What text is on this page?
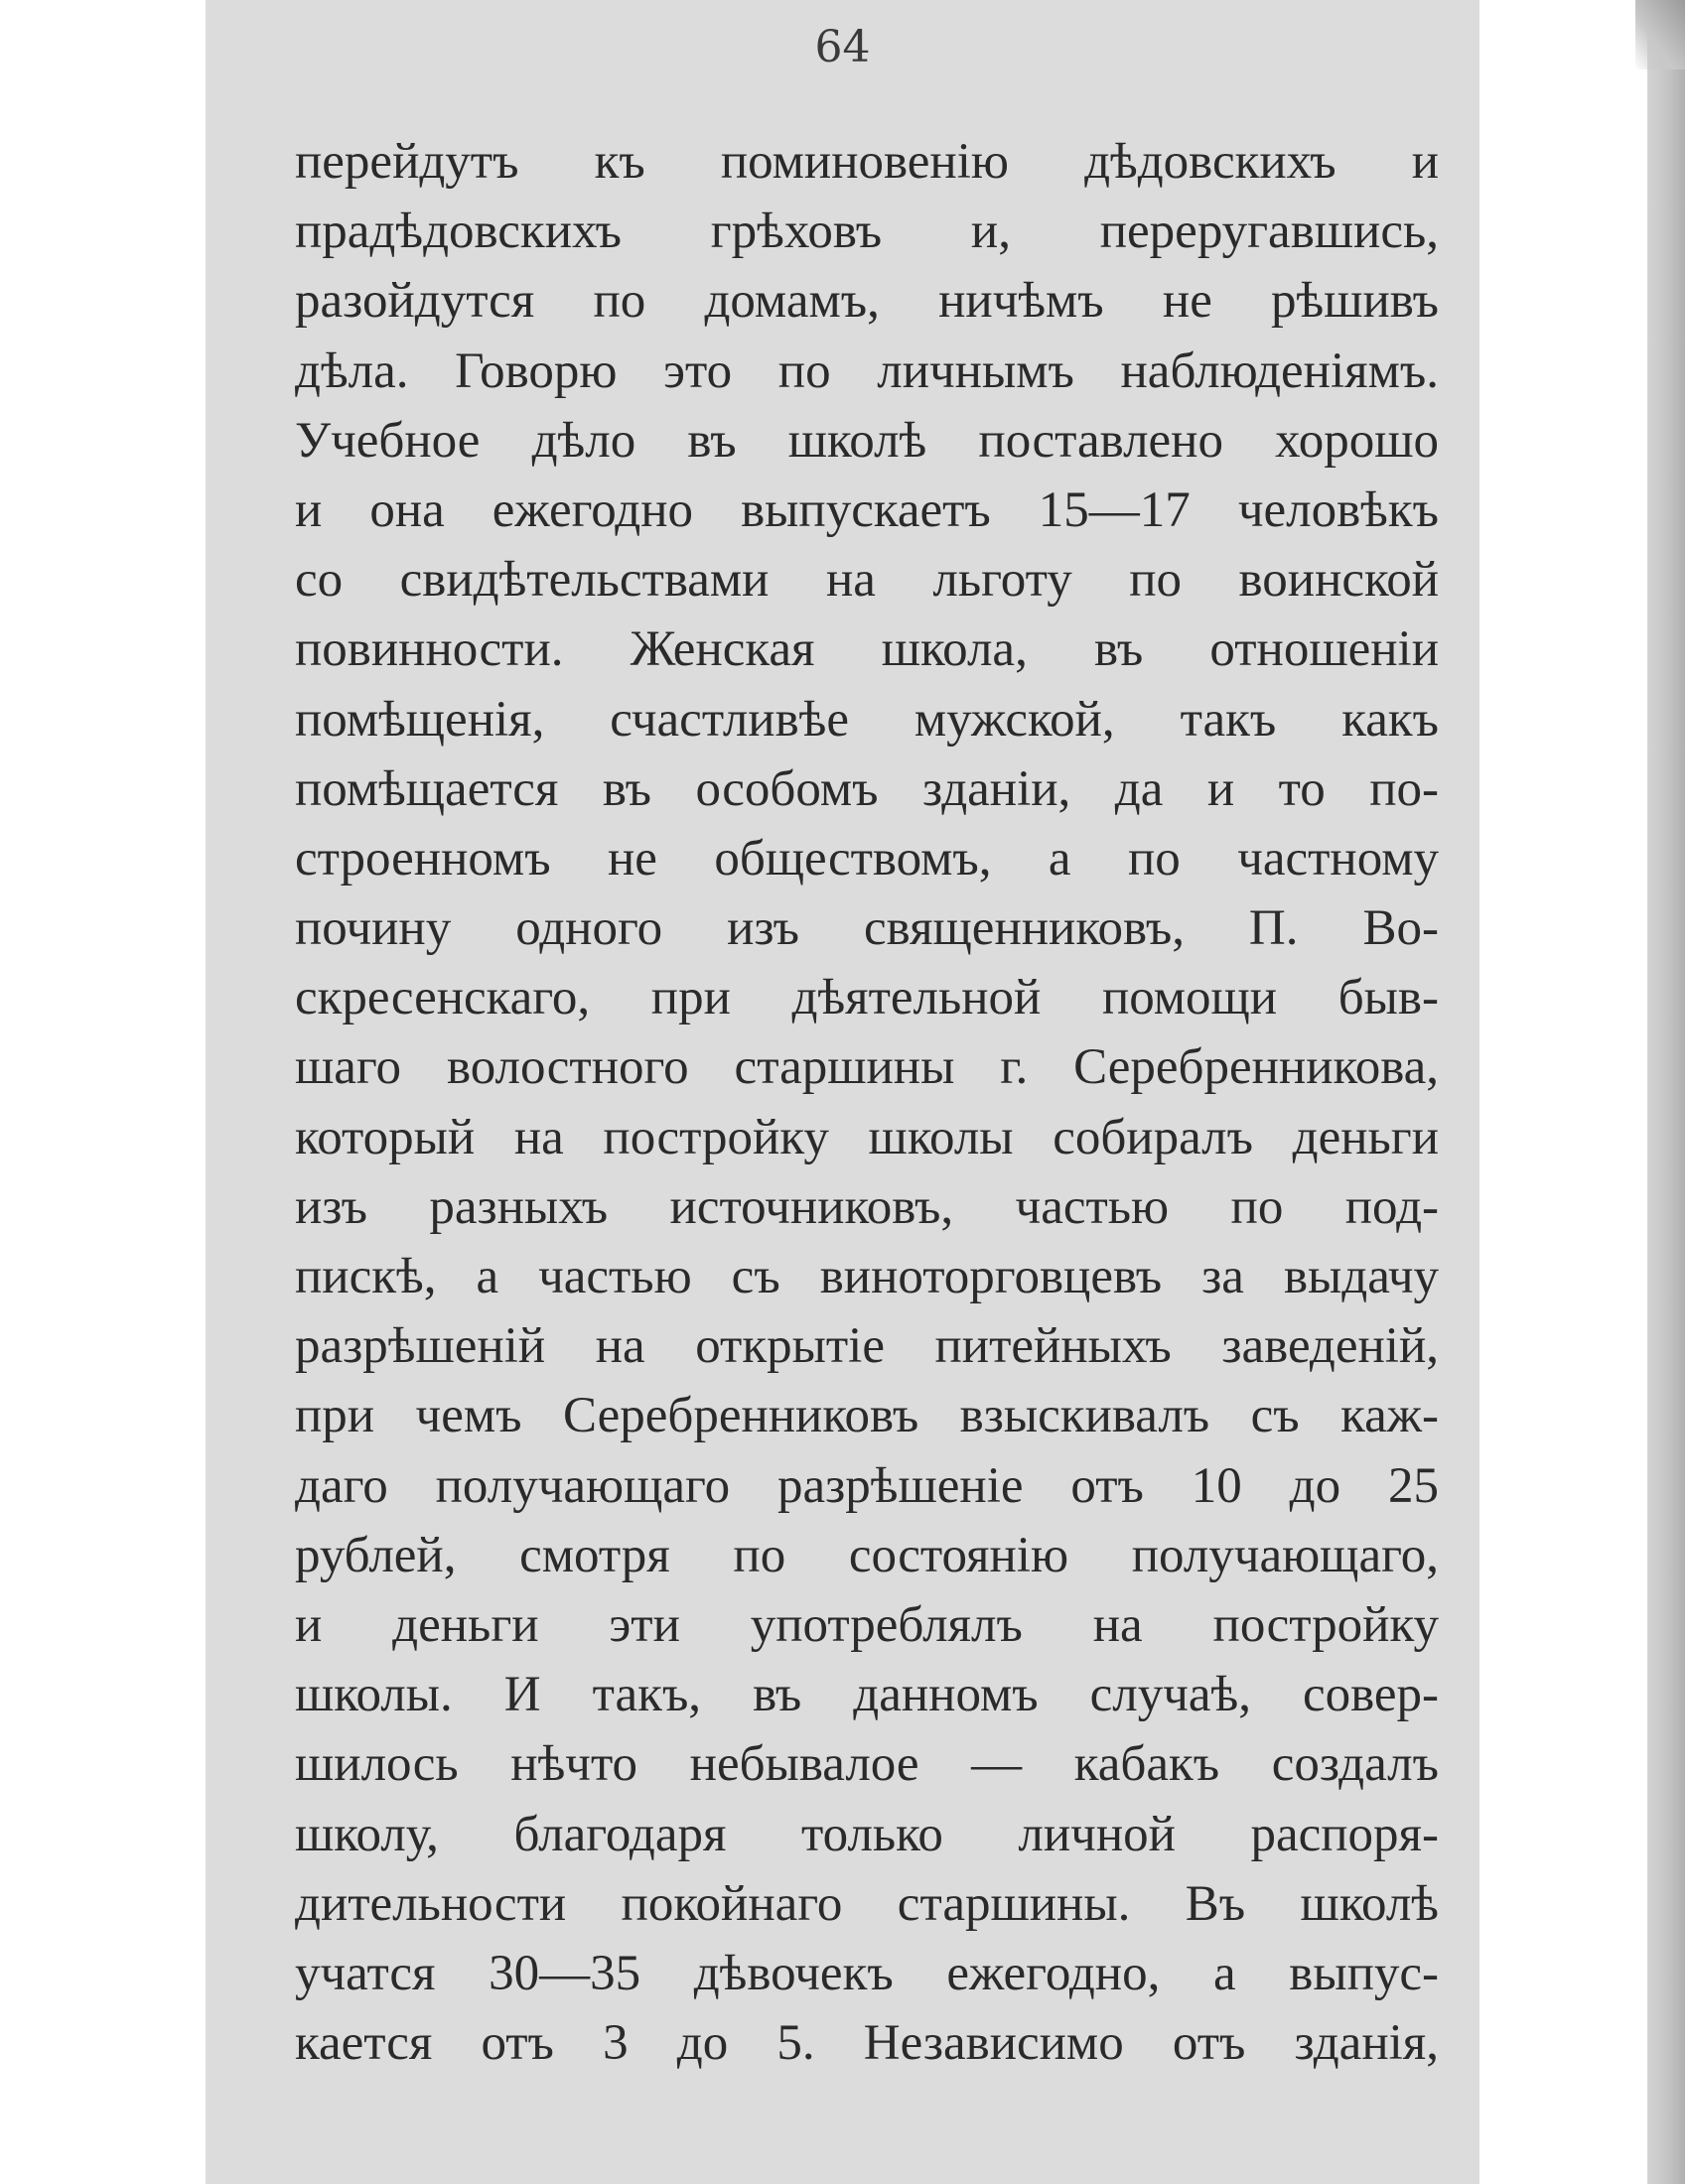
64
перейдутъ къ поминовенію дѣдовскихъ и
прадѣдовскихъ грѣховъ и, переругавшись,
разойдутся по домамъ, ничѣмъ не рѣшивъ
дѣла. Говорю это по личнымъ наблюденіямъ.
Учебное дѣло въ школѣ поставлено хорошо
и она ежегодно выпускаетъ 15—17 человѣкъ
со свидѣтельствами на льготу по воинской
повинности. Женская школа, въ отношеніи
помѣщенія, счастливѣе мужской, такъ какъ
помѣщается въ особомъ зданіи, да и то по-
строенномъ не обществомъ, а по частному
почину одного изъ священниковъ, П. Во-
скресенскаго, при дѣятельной помощи быв-
шаго волостного старшины г. Серебренникова,
который на постройку школы собиралъ деньги
изъ разныхъ источниковъ, частью по под-
пискѣ, а частью съ виноторговцевъ за выдачу
разрѣшеній на открытіе питейныхъ заведеній,
при чемъ Серебренниковъ взыскивалъ съ каж-
даго получающаго разрѣшеніе отъ 10 до 25
рублей, смотря по состоянію получающаго,
и деньги эти употреблялъ на постройку
школы. И такъ, въ данномъ случаѣ, совер-
шилось нѣчто небывалое — кабакъ создалъ
школу, благодаря только личной распоря-
дительности покойнаго старшины. Въ школѣ
учатся 30—35 дѣвочекъ ежегодно, а выпус-
кается отъ 3 до 5. Независимо отъ зданія,
